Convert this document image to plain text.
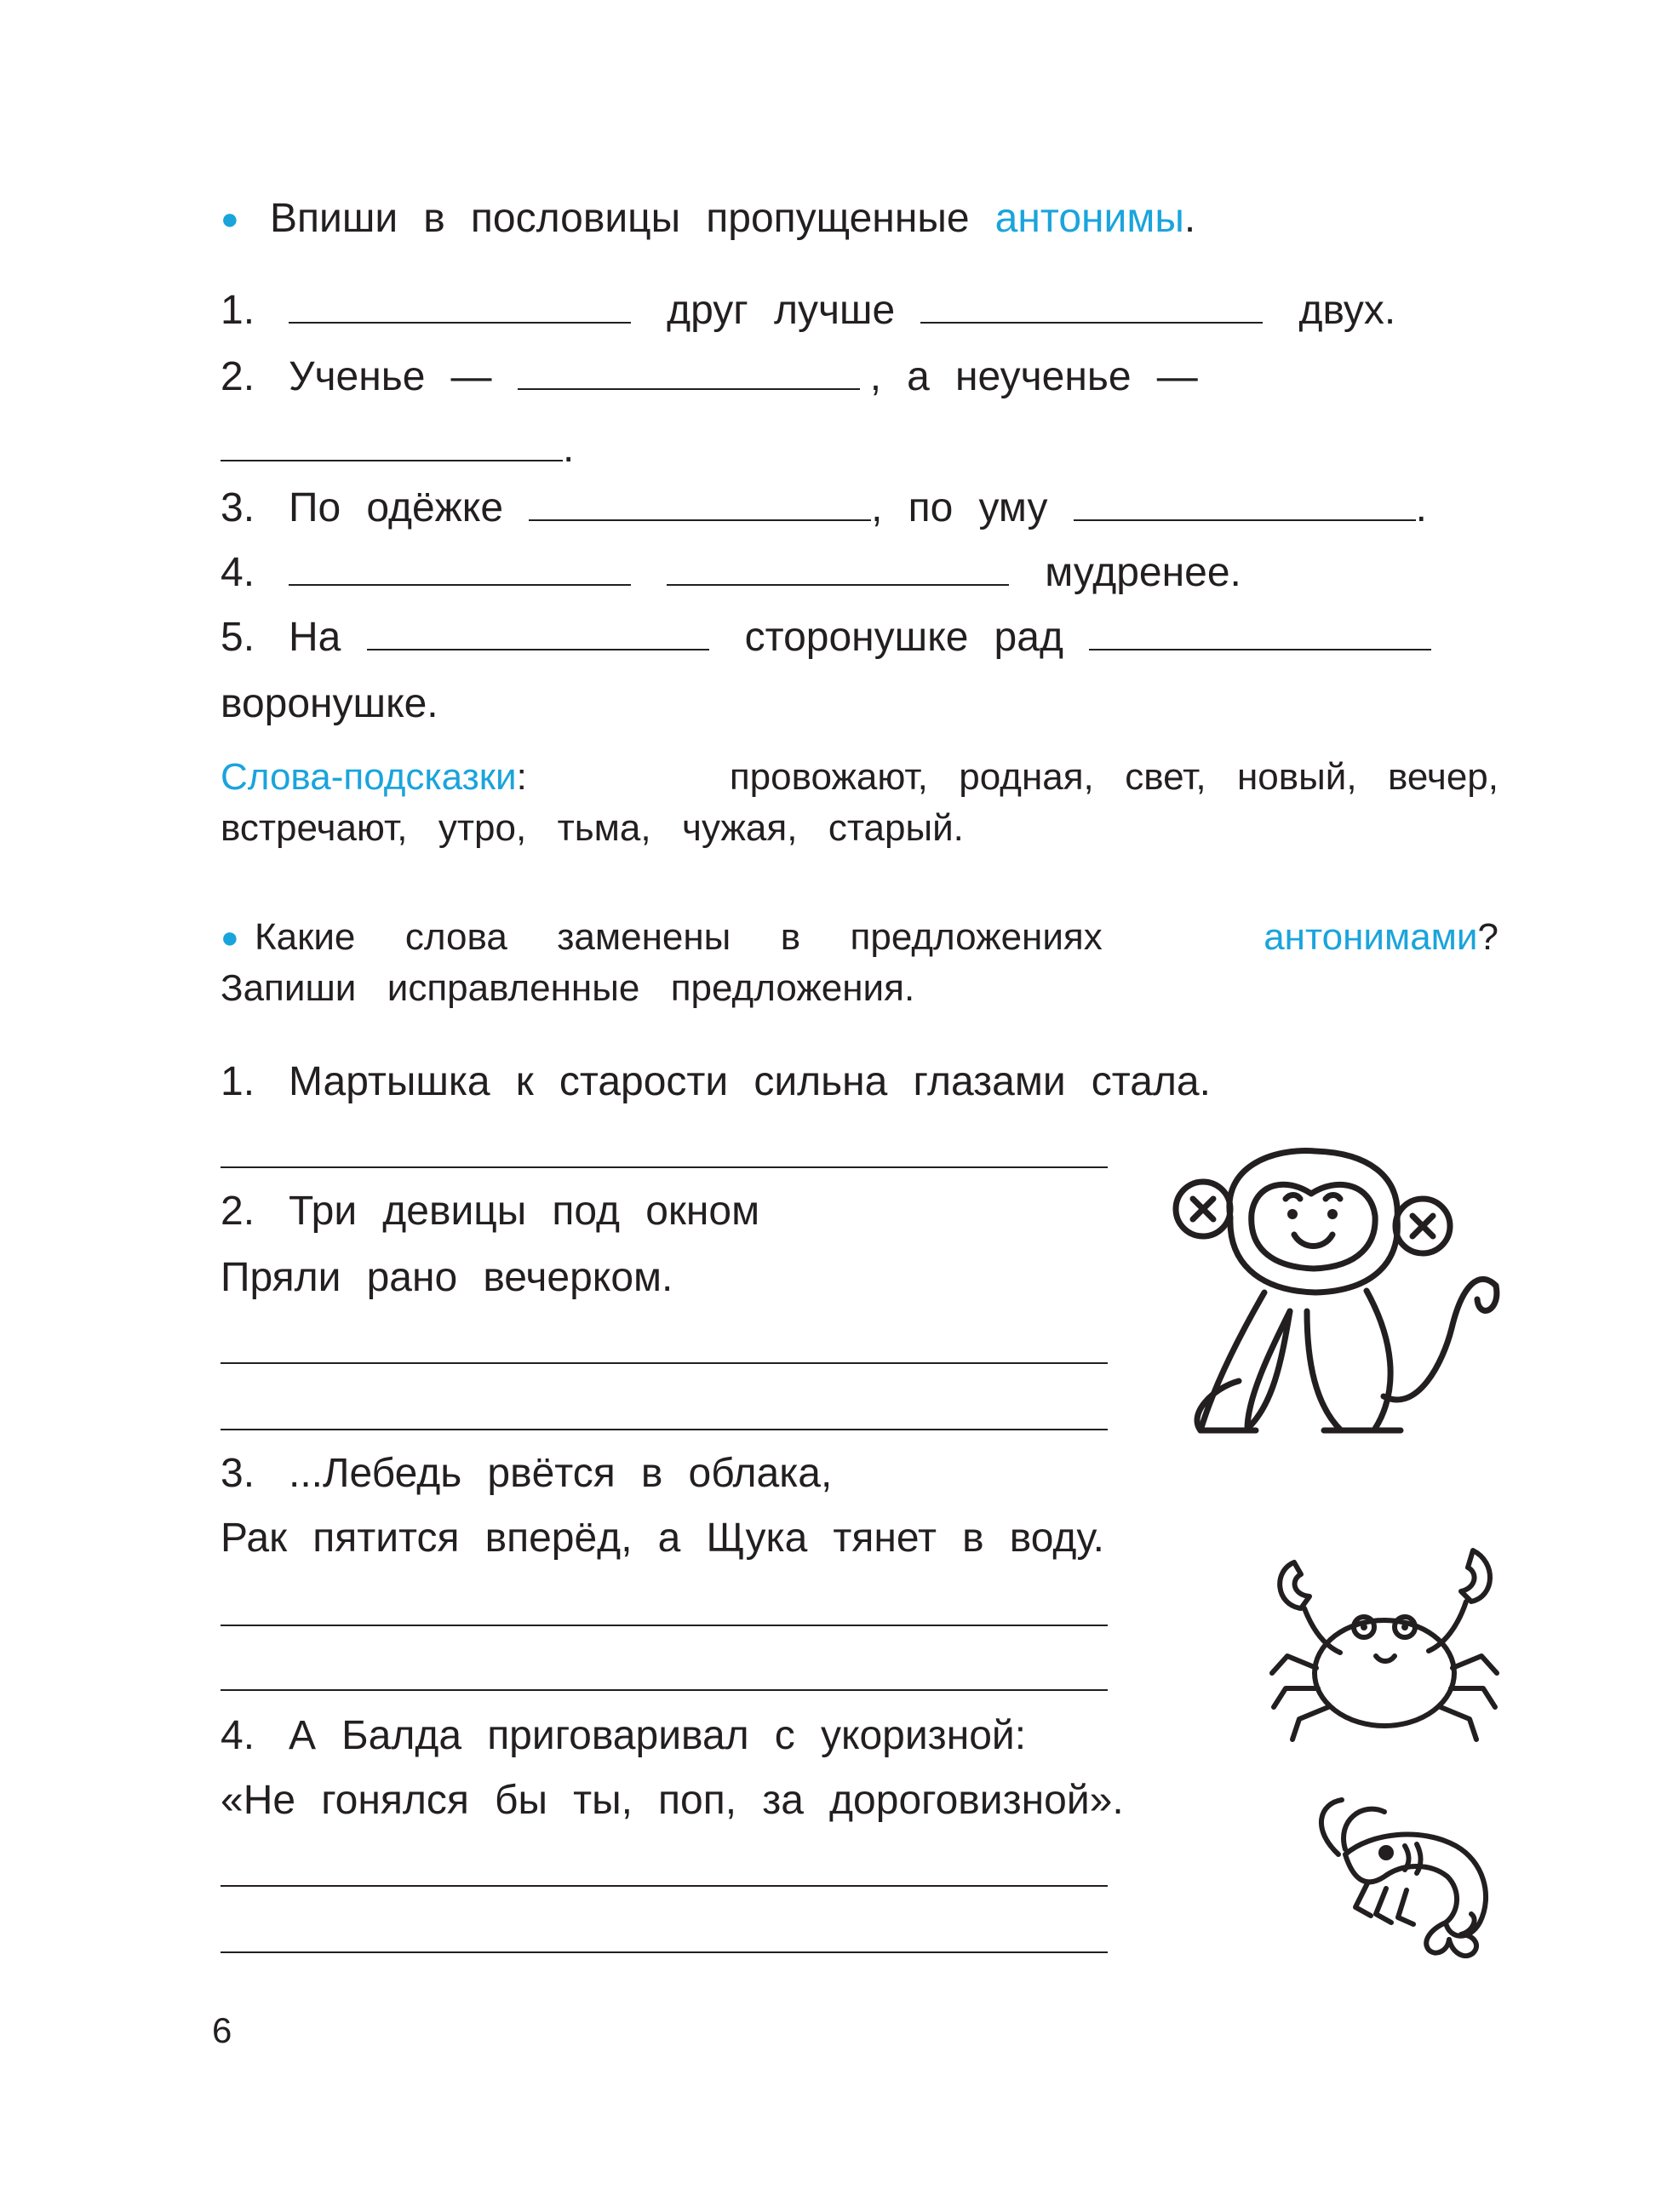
● Впиши в пословицы пропущенные антонимы.
1.	друг лучше	двух.
2. Ученье —	, а неученье —
.
3. По одёжке	, по уму	.
4.	мудренее.
5. На	сторонушке рад
воронушке.
Слова-подсказки:	провожают, родная, свет, новый, вечер,
встречают, утро, тьма, чужая, старый.
● Какие слова заменены в предложениях	антонимами?
Запиши исправленные предложения.
1. Мартышка к старости сильна глазами стала.
2. Три девицы под окном
Пряли рано вечерком.
3. ...Лебедь рвётся в облака,
Рак пятится вперёд, а Щука тянет в воду.
4. А Балда приговаривал с укоризной:
«Не гонялся бы ты, поп, за дороговизной».
6
